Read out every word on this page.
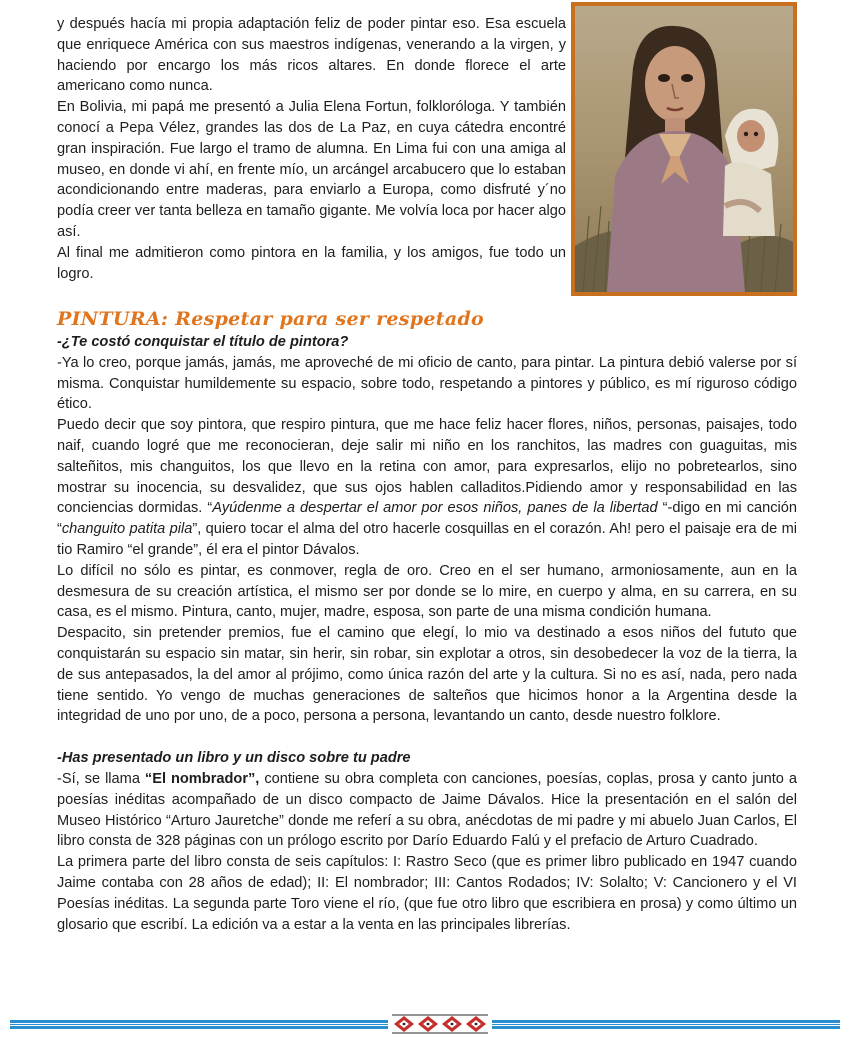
y después hacía mi propia adaptación feliz de poder pintar eso. Esa escuela que enriquece América con sus maestros indígenas, venerando a la virgen, y haciendo por encargo los más ricos altares. En donde florece el arte americano como nunca.

En Bolivia, mi papá me presentó a Julia Elena Fortun, folkloróloga. Y también conocí a Pepa Vélez, grandes las dos de La Paz, en cuya cátedra encontré gran inspiración. Fue largo el tramo de alumna. En Lima fui con una amiga al museo, en donde vi ahí, en frente mío, un arcángel arcabucero que lo estaban acondicionando entre maderas, para enviarlo a Europa, como disfruté y´no podía creer ver tanta belleza en tamaño gigante. Me volvía loca por hacer algo así.

Al final me admitieron como pintora en la familia, y los amigos, fue todo un logro.

PINTURA: Respetar para ser respetado

-¿Te costó conquistar el título de pintora?

-Ya lo creo, porque jamás, jamás, me aproveché de mi oficio de canto, para pintar. La pintura debió valerse por sí misma. Conquistar humildemente su espacio, sobre todo, respetando a pintores y público, es mí riguroso código ético.

Puedo decir que soy pintora, que respiro pintura, que me hace feliz hacer flores, niños, personas, paisajes, todo naif, cuando logré que me reconocieran, deje salir mi niño en los ranchitos, las madres con guaguitas, mis salteñitos, mis changuitos, los que llevo en la retina con amor, para expresarlos, elijo no pobretearlos, sino mostrar su inocencia, su desvalidez, que sus ojos hablen calladitos.Pidiendo amor y responsabilidad en las conciencias dormidas. “Ayúdenme a despertar el amor por esos niños, panes de la libertad “-digo en mi canción “changuito patita pila”, quiero tocar el alma del otro hacerle cosquillas en el corazón. Ah! pero el paisaje era de mi tio Ramiro “el grande”, él era el pintor Dávalos.

Lo difícil no sólo es pintar, es conmover, regla de oro. Creo en el ser humano, armoniosamente, aun en la desmesura de su creación artística, el mismo ser por donde se lo mire, en cuerpo y alma, en su carrera, en su casa, es el mismo. Pintura, canto, mujer, madre, esposa, son parte de una misma condición humana.

Despacito, sin pretender premios, fue el camino que elegí, lo mio va destinado a esos niños del fututo que conquistarán su espacio sin matar, sin herir, sin robar, sin explotar a otros, sin desobedecer la voz de la tierra, la de sus antepasados, la del amor al prójimo, como única razón del arte y la cultura. Si no es así, nada, pero nada tiene sentido. Yo vengo de muchas generaciones de salteños que hicimos honor a la Argentina desde la integridad de uno por uno, de a poco, persona a persona, levantando un canto, desde nuestro folklore.

-Has presentado un libro y un disco sobre tu padre

-Sí, se llama “El nombrador”, contiene su obra completa con canciones, poesías, coplas, prosa y canto junto a poesías inéditas acompañado de un disco compacto de Jaime Dávalos. Hice la presentación en el salón del Museo Histórico “Arturo Jauretche” donde me referí a su obra, anécdotas de mi padre y mi abuelo Juan Carlos, El libro consta de 328 páginas con un prólogo escrito por Darío Eduardo Falú y el prefacio de Arturo Cuadrado.

La primera parte del libro consta de seis capítulos: I: Rastro Seco (que es primer libro publicado en 1947 cuando Jaime contaba con 28 años de edad); II: El nombrador; III: Cantos Rodados; IV: Solalto; V: Cancionero y el VI Poesías inéditas. La segunda parte Toro viene el río, (que fue otro libro que escribiera en prosa) y como último un glosario que escribí. La edición va a estar a la venta en las principales librerías.
